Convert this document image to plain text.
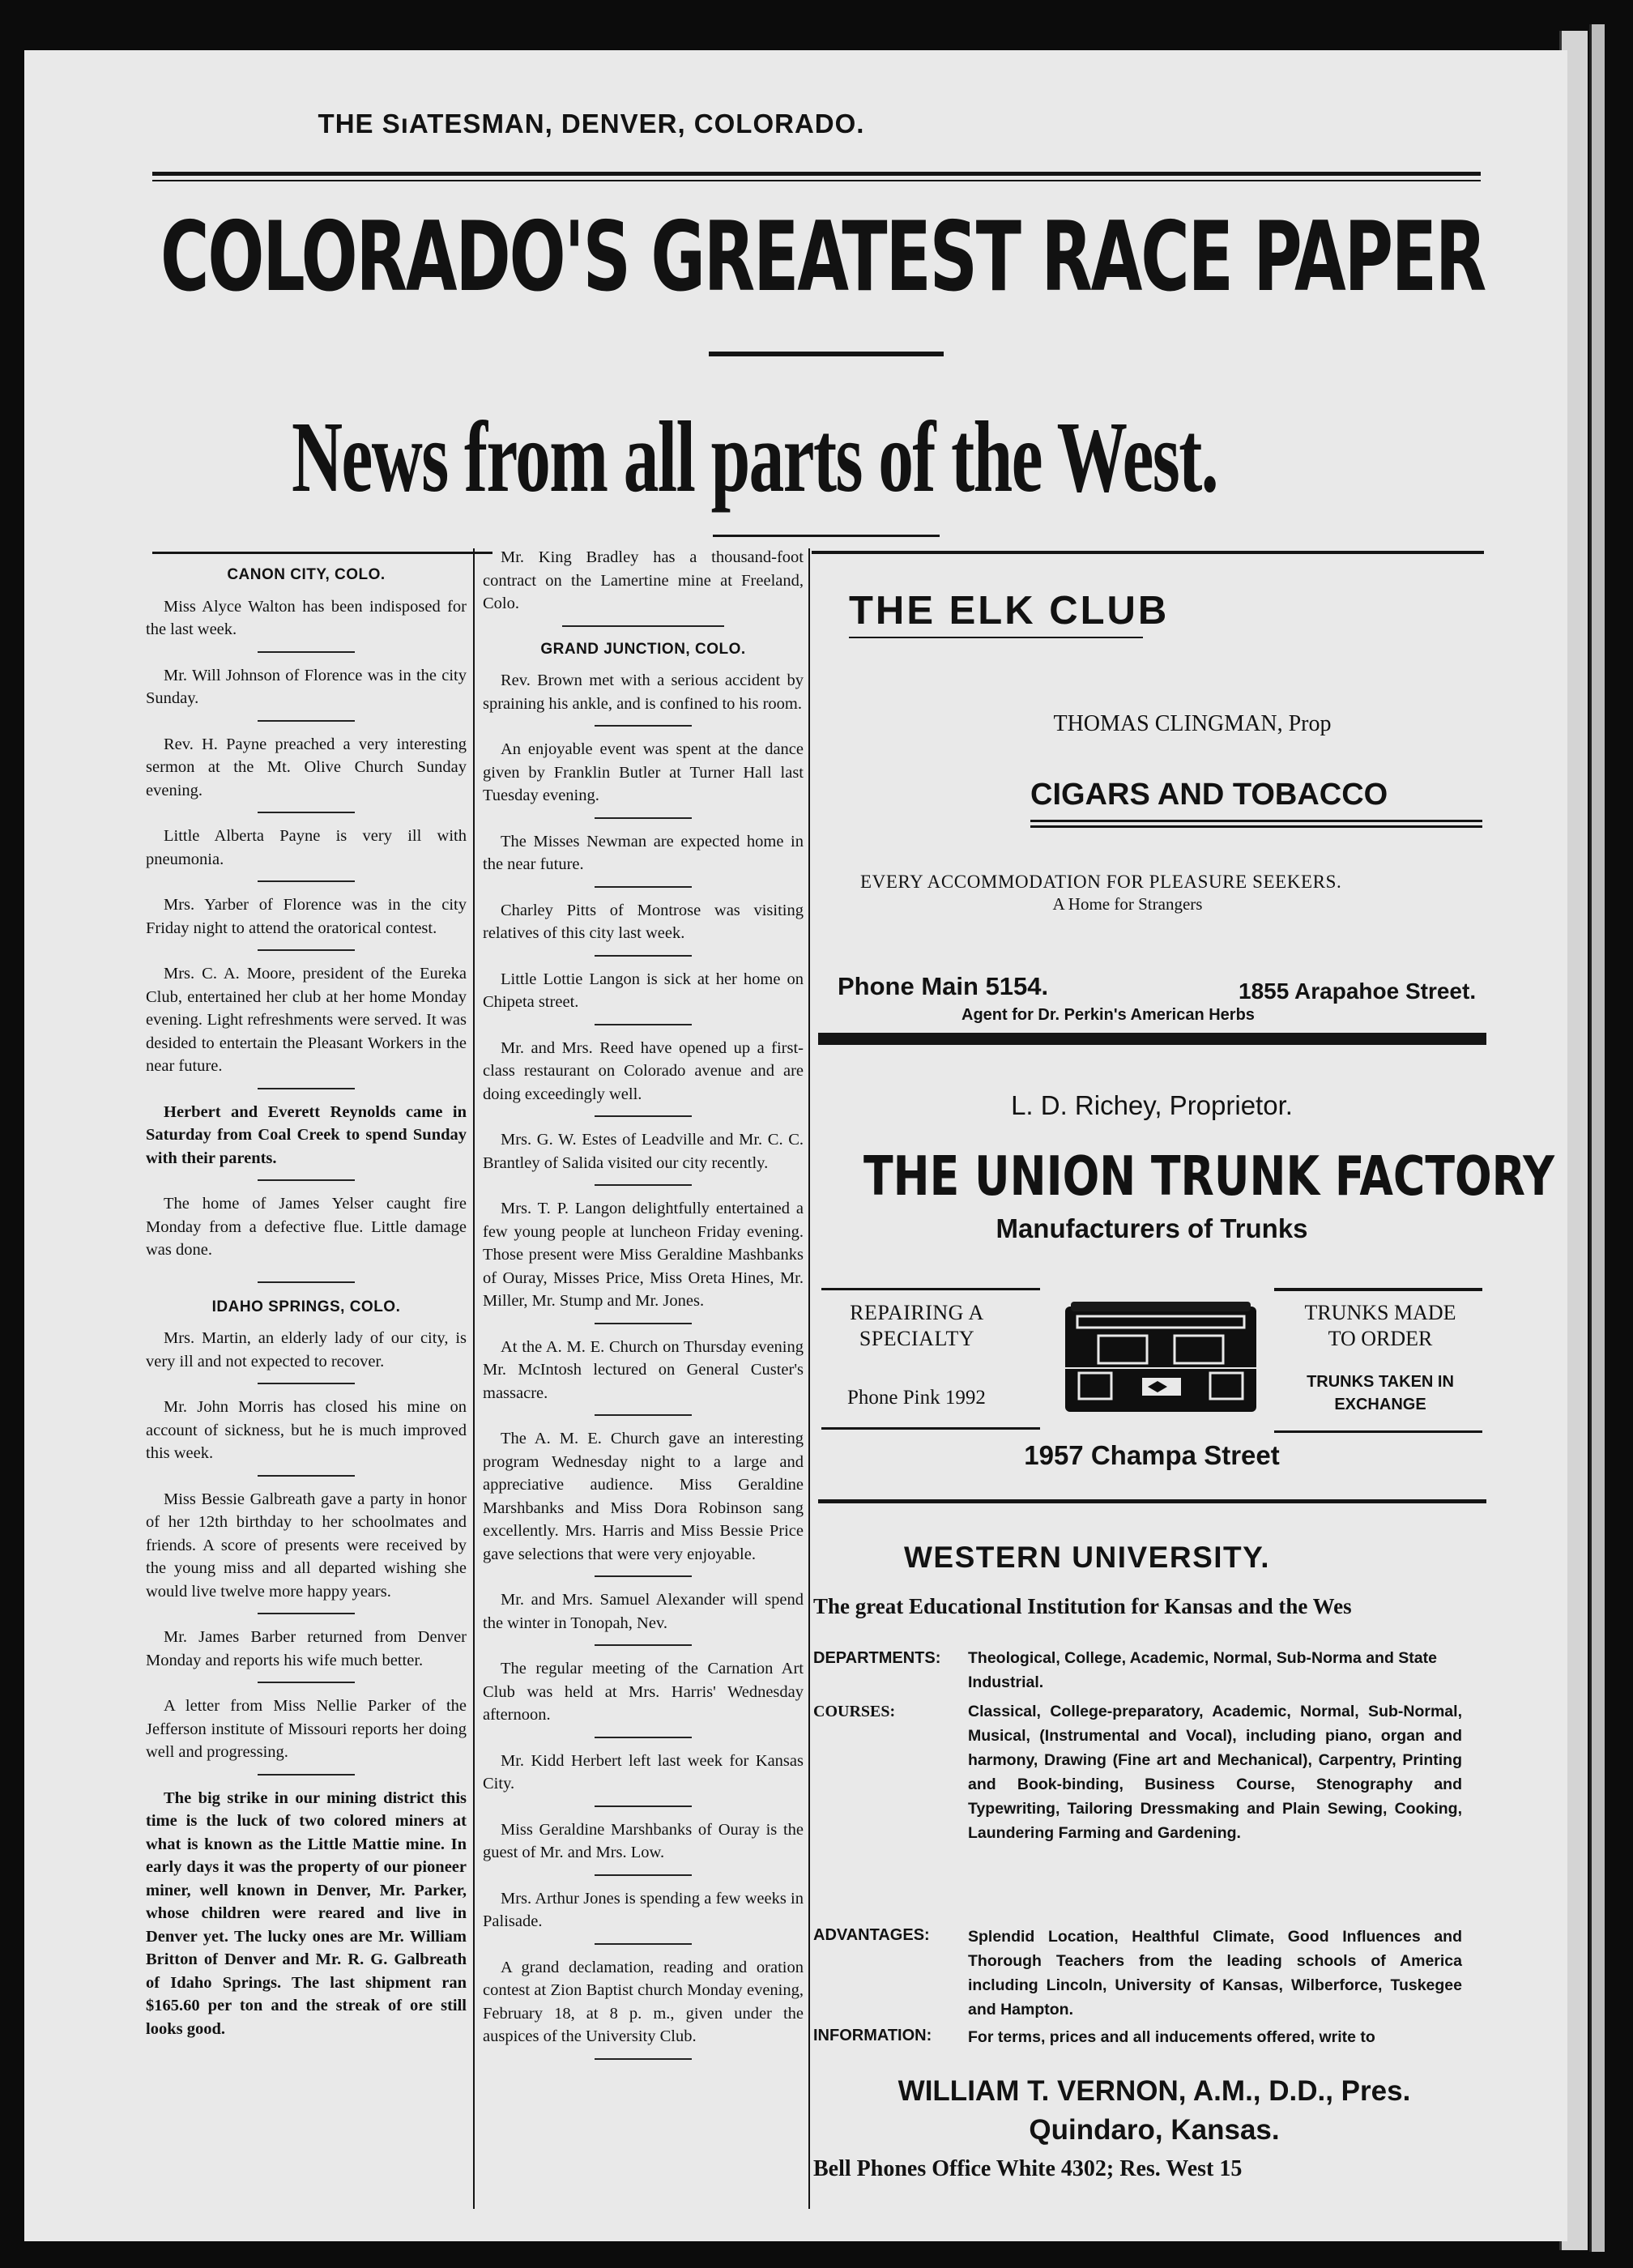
THE SıATESMAN, DENVER, COLORADO.
COLORADO'S GREATEST RACE PAPER
News from all parts of the West.
CANON CITY, COLO.

Miss Alyce Walton has been indisposed for the last week.

Mr. Will Johnson of Florence was in the city Sunday.

Rev. H. Payne preached a very interesting sermon at the Mt. Olive Church Sunday evening.

Little Alberta Payne is very ill with pneumonia.

Mrs. Yarber of Florence was in the city Friday night to attend the oratorical contest.

Mrs. C. A. Moore, president of the Eureka Club, entertained her club at her home Monday evening. Light refreshments were served. It was desided to entertain the Pleasant Workers in the near future.

Herbert and Everett Reynolds came in Saturday from Coal Creek to spend Sunday with their parents.

The home of James Yelser caught fire Monday from a defective flue. Little damage was done.

IDAHO SPRINGS, COLO.

Mrs. Martin, an elderly lady of our city, is very ill and not expected to recover.

Mr. John Morris has closed his mine on account of sickness, but he is much improved this week.

Miss Bessie Galbreath gave a party in honor of her 12th birthday to her schoolmates and friends. A score of presents were received by the young miss and all departed wishing she would live twelve more happy years.

Mr. James Barber returned from Denver Monday and reports his wife much better.

A letter from Miss Nellie Parker of the Jefferson institute of Missouri reports her doing well and progressing.

The big strike in our mining district this time is the luck of two colored miners at what is known as the Little Mattie mine. In early days it was the property of our pioneer miner, well known in Denver, Mr. Parker, whose children were reared and live in Denver yet. The lucky ones are Mr. William Britton of Denver and Mr. R. G. Galbreath of Idaho Springs. The last shipment ran $165.60 per ton and the streak of ore still looks good.

Mr. King Bradley has a thousand-foot contract on the Lamertine mine at Freeland, Colo.

GRAND JUNCTION, COLO.

Rev. Brown met with a serious accident by spraining his ankle, and is confined to his room.

An enjoyable event was spent at the dance given by Franklin Butler at Turner Hall last Tuesday evening.

The Misses Newman are expected home in the near future.

Charley Pitts of Montrose was visiting relatives of this city last week.

Little Lottie Langon is sick at her home on Chipeta street.

Mr. and Mrs. Reed have opened up a first-class restaurant on Colorado avenue and are doing exceedingly well.

Mrs. G. W. Estes of Leadville and Mr. C. C. Brantley of Salida visited our city recently.

Mrs. T. P. Langon delightfully entertained a few young people at luncheon Friday evening. Those present were Miss Geraldine Mashbanks of Ouray, Misses Price, Miss Oreta Hines, Mr. Miller, Mr. Stump and Mr. Jones.

At the A. M. E. Church on Thursday evening Mr. McIntosh lectured on General Custer's massacre.

The A. M. E. Church gave an interesting program Wednesday night to a large and appreciative audience. Miss Geraldine Marshbanks and Miss Dora Robinson sang excellently. Mrs. Harris and Miss Bessie Price gave selections that were very enjoyable.

Mr. and Mrs. Samuel Alexander will spend the winter in Tonopah, Nev.

The regular meeting of the Carnation Art Club was held at Mrs. Harris' Wednesday afternoon.

Mr. Kidd Herbert left last week for Kansas City.

Miss Geraldine Marshbanks of Ouray is the guest of Mr. and Mrs. Low.

Mrs. Arthur Jones is spending a few weeks in Palisade.

A grand declamation, reading and oration contest at Zion Baptist church Monday evening, February 18, at 8 p. m., given under the auspices of the University Club.

THE ELK CLUB
THOMAS CLINGMAN, Prop
CIGARS AND TOBACCO
EVERY ACCOMMODATION FOR PLEASURE SEEKERS.
A Home for Strangers
Phone Main 5154.	1855 Arapahoe Street.
Agent for Dr. Perkin's American Herbs
L. D. Richey, Proprietor.
THE UNION TRUNK FACTORY
Manufacturers of Trunks
REPAIRING A SPECIALTY
Phone Pink 1992
TRUNKS MADE TO ORDER
TRUNKS TAKEN IN EXCHANGE
1957 Champa Street
WESTERN UNIVERSITY.
The great Educational Institution for Kansas and the Wes
DEPARTMENTS: Theological, College, Academic, Normal, Sub-Norma and State Industrial.
COURSES:	Classical, College-preparatory, Academic, Normal, Sub-Normal, Musical, (Instrumental and Vocal), including piano, organ and harmony, Drawing (Fine art and Mechanical), Carpentry, Printing and Book-binding, Business Course, Stenography and Typewriting, Tailoring Dressmaking and Plain Sewing, Cooking, Laundering Farming and Gardening.
ADVANTAGES: Splendid Location, Healthful Climate, Good Influences and Thorough Teachers from the leading schools of America including Lincoln, University of Kansas, Wilberforce, Tuskegee and Hampton.
INFORMATION: For terms, prices and all inducements offered, write to
WILLIAM T. VERNON, A.M., D.D., Pres.
Quindaro, Kansas.
Bell Phones Office White 4302; Res. West 15
